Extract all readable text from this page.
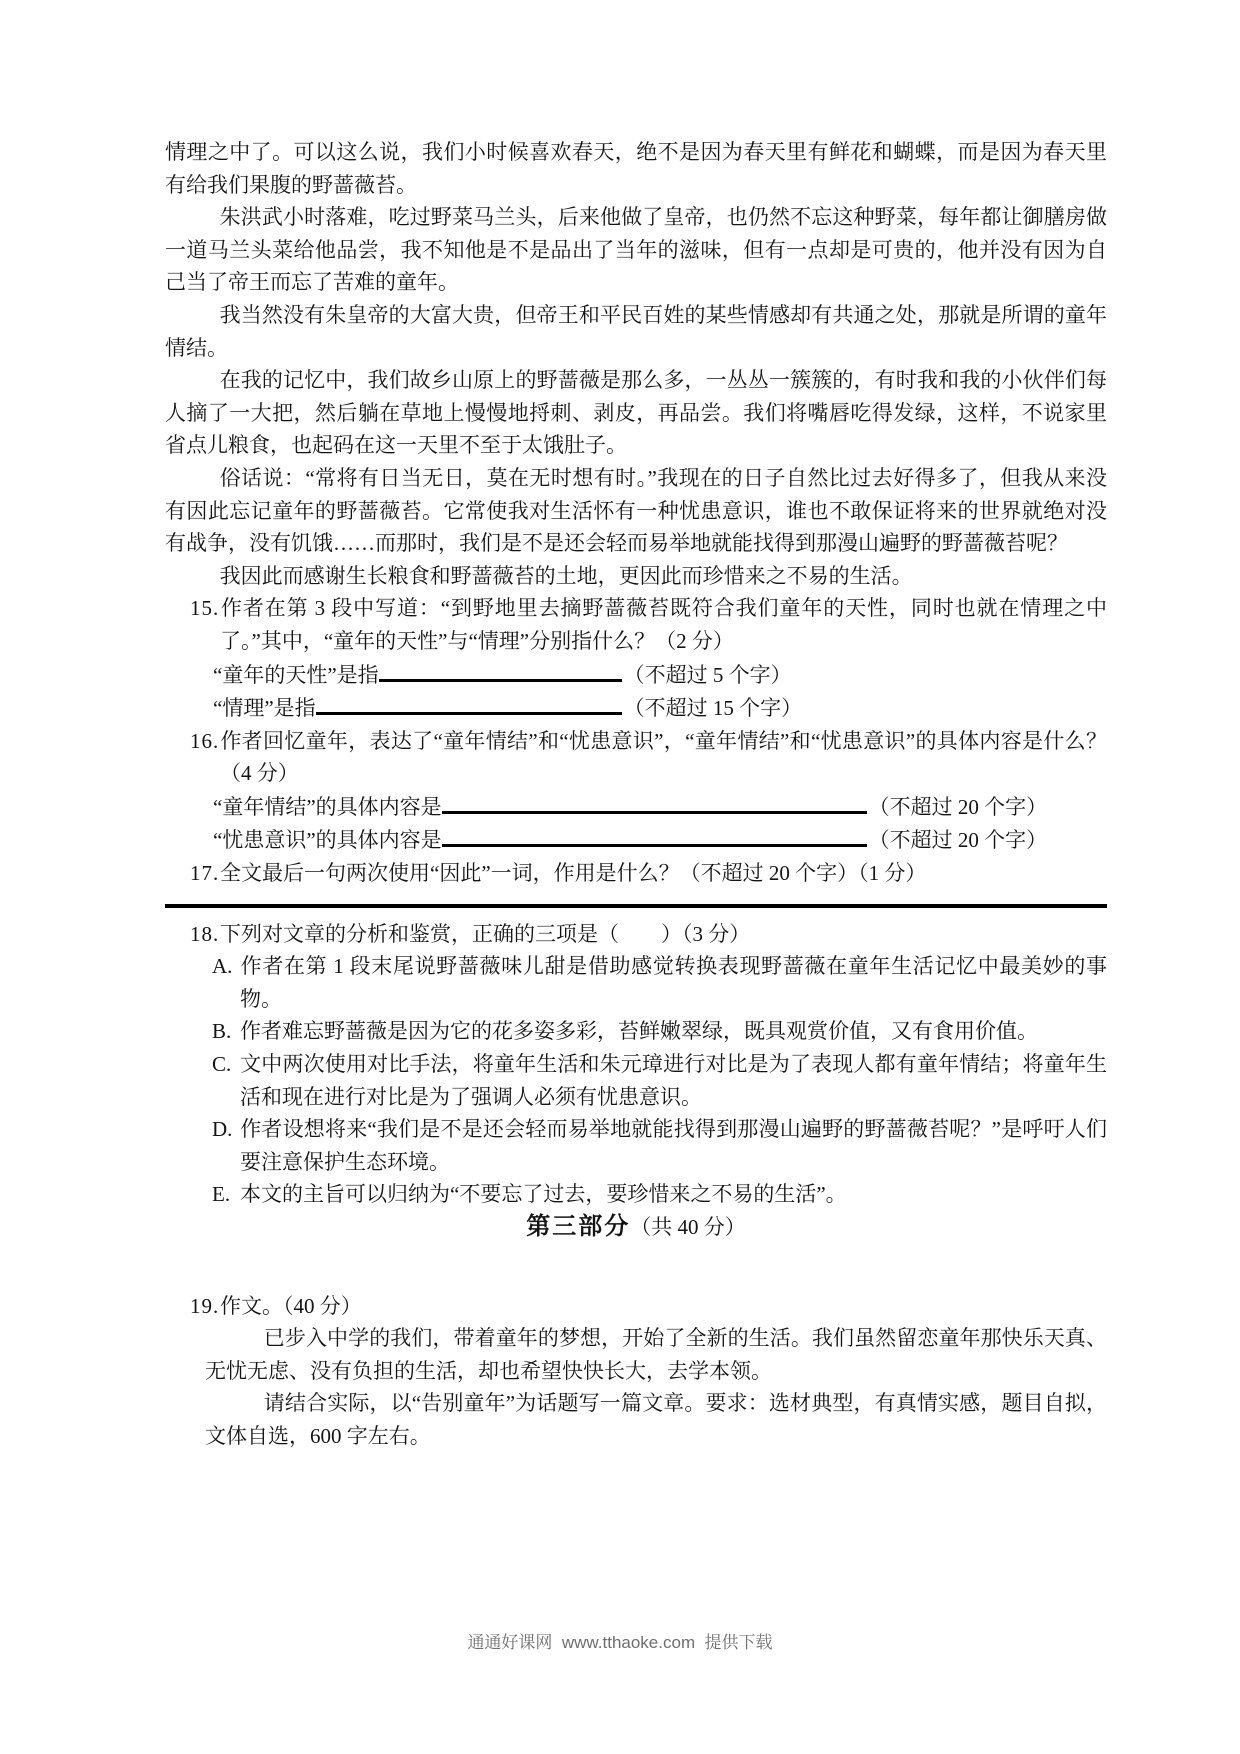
情理之中了。可以这么说，我们小时候喜欢春天，绝不是因为春天里有鲜花和蝴蝶，而是因为春天里有给我们果腹的野蔷薇苔。

朱洪武小时落难，吃过野菜马兰头，后来他做了皇帝，也仍然不忘这种野菜，每年都让御膳房做一道马兰头菜给他品尝，我不知他是不是品出了当年的滋味，但有一点却是可贵的，他并没有因为自己当了帝王而忘了苦难的童年。

我当然没有朱皇帝的大富大贵，但帝王和平民百姓的某些情感却有共通之处，那就是所谓的童年情结。

在我的记忆中，我们故乡山原上的野蔷薇是那么多，一丛丛一簇簇的，有时我和我的小伙伴们每人摘了一大把，然后躺在草地上慢慢地捋刺、剥皮，再品尝。我们将嘴唇吃得发绿，这样，不说家里省点儿粮食，也起码在这一天里不至于太饿肚子。

俗话说：“常将有日当无日，莫在无时想有时。”我现在的日子自然比过去好得多了，但我从来没有因此忘记童年的野蔷薇苔。它常使我对生活怀有一种忧患意识，谁也不敢保证将来的世界就绝对没有战争，没有饥饿……而那时，我们是不是还会轻而易举地就能找得到那漫山遍野的野蔷薇苔呢？

我因此而感谢生长粮食和野蔷薇苔的土地，更因此而珍惜来之不易的生活。

15.作者在第 3 段中写道：“到野地里去摘野蔷薇苔既符合我们童年的天性，同时也就在情理之中了。”其中，“童年的天性”与“情理”分别指什么？（2 分）
“童年的天性”是指	（不超过 5 个字）
“情理”是指	（不超过 15 个字）
16.作者回忆童年，表达了“童年情结”和“忧患意识”，“童年情结”和“忧患意识”的具体内容是什么？（4 分）
“童年情结”的具体内容是	（不超过 20 个字）
“忧患意识”的具体内容是	（不超过 20 个字）
17.全文最后一句两次使用“因此”一词，作用是什么？（不超过 20 个字）（1 分）
18.下列对文章的分析和鉴赏，正确的三项是（　　）（3 分）
A. 作者在第 1 段末尾说野蔷薇味儿甜是借助感觉转换表现野蔷薇在童年生活记忆中最美妙的事物。
B. 作者难忘野蔷薇是因为它的花多姿多彩，苔鲜嫩翠绿，既具观赏价值，又有食用价值。
C. 文中两次使用对比手法，将童年生活和朱元璋进行对比是为了表现人都有童年情结；将童年生活和现在进行对比是为了强调人必须有忧患意识。
D. 作者设想将来“我们是不是还会轻而易举地就能找得到那漫山遍野的野蔷薇苔呢？”是呼吁人们要注意保护生态环境。
E. 本文的主旨可以归纳为“不要忘了过去，要珍惜来之不易的生活”。
第三部分（共 40 分）
19.作文。（40 分）

已步入中学的我们，带着童年的梦想，开始了全新的生活。我们虽然留恋童年那快乐天真、无忧无虑、没有负担的生活，却也希望快快长大，去学本领。

请结合实际，以“告别童年”为话题写一篇文章。要求：选材典型，有真情实感，题目自拟，文体自选，600 字左右。

通通好课网  www.tthaoke.com  提供下载
